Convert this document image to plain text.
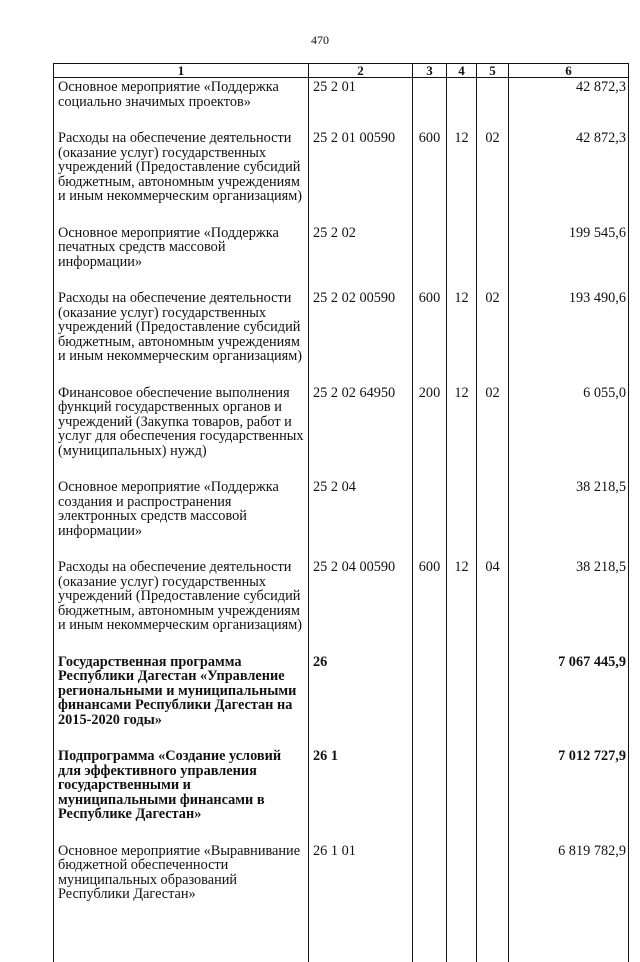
470
1	2	3	4	5	6
Основное мероприятие «Поддержка социально значимых проектов»	25 2 01				42 872,3
Расходы на обеспечение деятельности (оказание услуг) государственных учреждений (Предоставление субсидий бюджетным, автономным учреждениям и иным некоммерческим организациям)	25 2 01 00590	600	12	02	42 872,3
Основное мероприятие «Поддержка печатных средств массовой информации»	25 2 02				199 545,6
Расходы на обеспечение деятельности (оказание услуг) государственных учреждений (Предоставление субсидий бюджетным, автономным учреждениям и иным некоммерческим организациям)	25 2 02 00590	600	12	02	193 490,6
Финансовое обеспечение выполнения функций государственных органов и учреждений (Закупка товаров, работ и услуг для обеспечения государственных (муниципальных) нужд)	25 2 02 64950	200	12	02	6 055,0
Основное мероприятие «Поддержка создания и распространения электронных средств массовой информации»	25 2 04				38 218,5
Расходы на обеспечение деятельности (оказание услуг) государственных учреждений (Предоставление субсидий бюджетным, автономным учреждениям и иным некоммерческим организациям)	25 2 04 00590	600	12	04	38 218,5
Государственная программа Республики Дагестан «Управление региональными и муниципальными финансами Республики Дагестан на 2015-2020 годы»	26				7 067 445,9
Подпрограмма «Создание условий для эффективного управления государственными и муниципальными финансами в Республике Дагестан»	26 1				7 012 727,9
Основное мероприятие «Выравнивание бюджетной обеспеченности муниципальных образований Республики Дагестан»	26 1 01				6 819 782,9
